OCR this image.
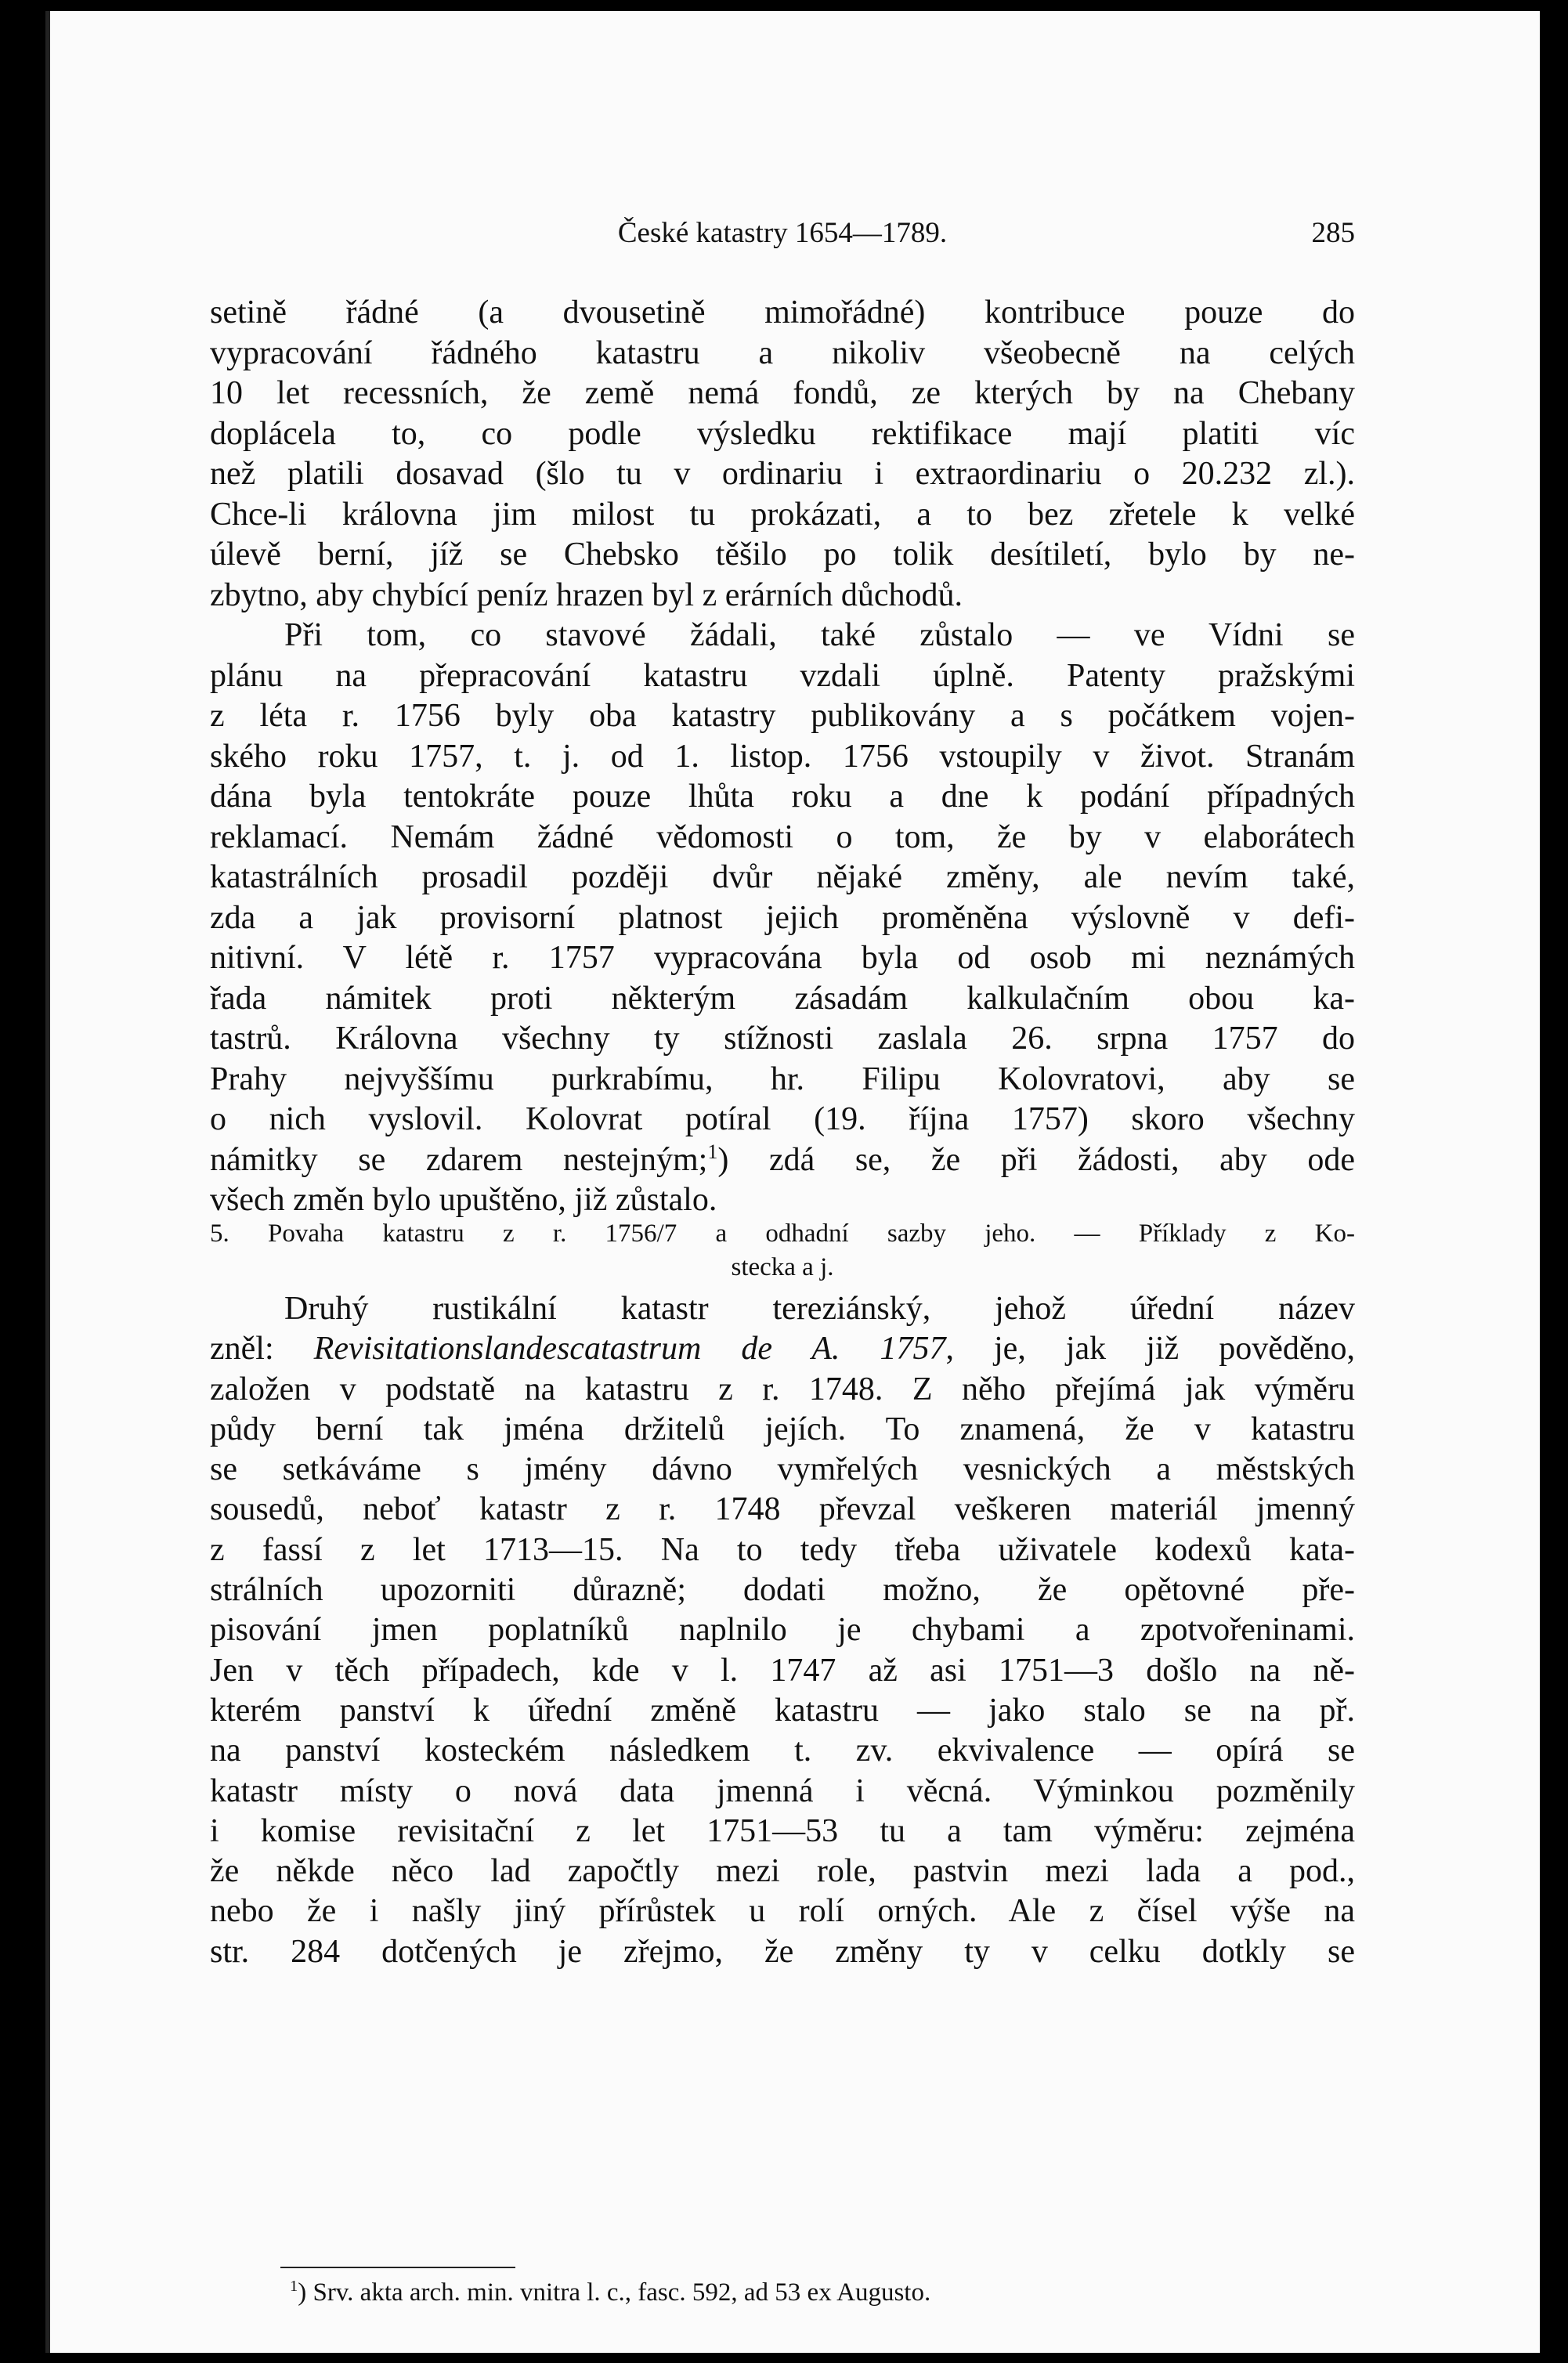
České katastry 1654—1789.	285
setině řádné (a dvousetině mimořádné) kontribuce pouze do
vypracování řádného katastru a nikoliv všeobecně na celých
10 let recessních, že země nemá fondů, ze kterých by na Chebany
doplácela to, co podle výsledku rektifikace mají platiti víc
než platili dosavad (šlo tu v ordinariu i extraordinariu o 20.232 zl.).
Chce-li královna jim milost tu prokázati, a to bez zřetele k velké
úlevě berní, jíž se Chebsko těšilo po tolik desítiletí, bylo by ne-
zbytno, aby chybící peníz hrazen byl z erárních důchodů.
Při tom, co stavové žádali, také zůstalo — ve Vídni se
plánu na přepracování katastru vzdali úplně. Patenty pražskými
z léta r. 1756 byly oba katastry publikovány a s počátkem vojen-
ského roku 1757, t. j. od 1. listop. 1756 vstoupily v život. Stranám
dána byla tentokráte pouze lhůta roku a dne k podání případných
reklamací. Nemám žádné vědomosti o tom, že by v elaborátech
katastrálních prosadil později dvůr nějaké změny, ale nevím také,
zda a jak provisorní platnost jejich proměněna výslovně v defi-
nitivní. V létě r. 1757 vypracována byla od osob mi neznámých
řada námitek proti některým zásadám kalkulačním obou ka-
tastrů. Královna všechny ty stížnosti zaslala 26. srpna 1757 do
Prahy nejvyššímu purkrabímu, hr. Filipu Kolovratovi, aby se
o nich vyslovil. Kolovrat potíral (19. října 1757) skoro všechny
námitky se zdarem nestejným;$^1$) zdá se, že při žádosti, aby ode
všech změn bylo upuštěno, již zůstalo.
5. Povaha katastru z r. 1756/7 a odhadní sazby jeho. — Příklady z Ko-
stecka a j.
Druhý rustikální katastr tereziánský, jehož úřední název
zněl: Revisitationslandescatastrum de A. 1757, je, jak již pověděno,
založen v podstatě na katastru z r. 1748. Z něho přejímá jak výměru
půdy berní tak jména držitelů jejích. To znamená, že v katastru
se setkáváme s jmény dávno vymřelých vesnických a městských
sousedů, neboť katastr z r. 1748 převzal veškeren materiál jmenný
z fassí z let 1713—15. Na to tedy třeba uživatele kodexů kata-
strálních upozorniti důrazně; dodati možno, že opětovné pře-
pisování jmen poplatníků naplnilo je chybami a zpotvořeninami.
Jen v těch případech, kde v l. 1747 až asi 1751—3 došlo na ně-
kterém panství k úřední změně katastru — jako stalo se na př.
na panství kosteckém následkem t. zv. ekvivalence — opírá se
katastr místy o nová data jmenná i věcná. Výminkou pozměnily
i komise revisitační z let 1751—53 tu a tam výměru: zejména
že někde něco lad započtly mezi role, pastvin mezi lada a pod.,
nebo že i našly jiný přírůstek u rolí orných. Ale z čísel výše na
str. 284 dotčených je zřejmo, že změny ty v celku dotkly se
$^1$) Srv. akta arch. min. vnitra l. c., fasc. 592, ad 53 ex Augusto.
